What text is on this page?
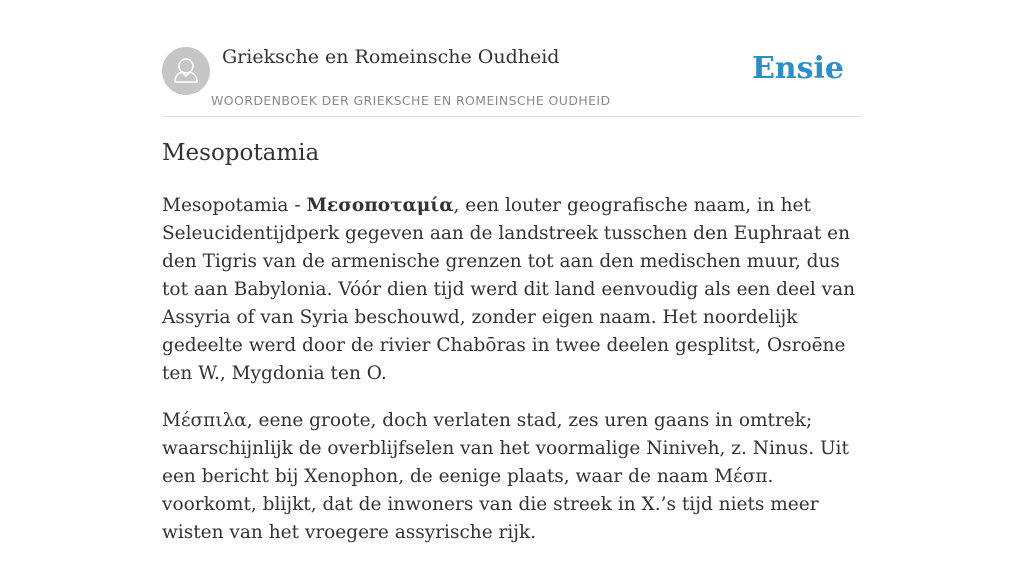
Grieksche en Romeinsche Oudheid
WOORDENBOEK DER GRIEKSCHE EN ROMEINSCHE OUDHEID
Ensie
Mesopotamia

Mesopotamia - Μεσοποταμία, een louter geografische naam, in het Seleucidentijdperk gegeven aan de landstreek tusschen den Euphraat en den Tigris van de armenische grenzen tot aan den medischen muur, dus tot aan Babylonia. Vóór dien tijd werd dit land eenvoudig als een deel van Assyria of van Syria beschouwd, zonder eigen naam. Het noordelijk gedeelte werd door de rivier Chabōras in twee deelen gesplitst, Osroēne ten W., Mygdonia ten O.

Μέσπιλα, eene groote, doch verlaten stad, zes uren gaans in omtrek; waarschijnlijk de overblijfselen van het voormalige Niniveh, z. Ninus. Uit een bericht bij Xenophon, de eenige plaats, waar de naam Μέσπ. voorkomt, blijkt, dat de inwoners van die streek in X.’s tijd niets meer wisten van het vroegere assyrische rijk.
